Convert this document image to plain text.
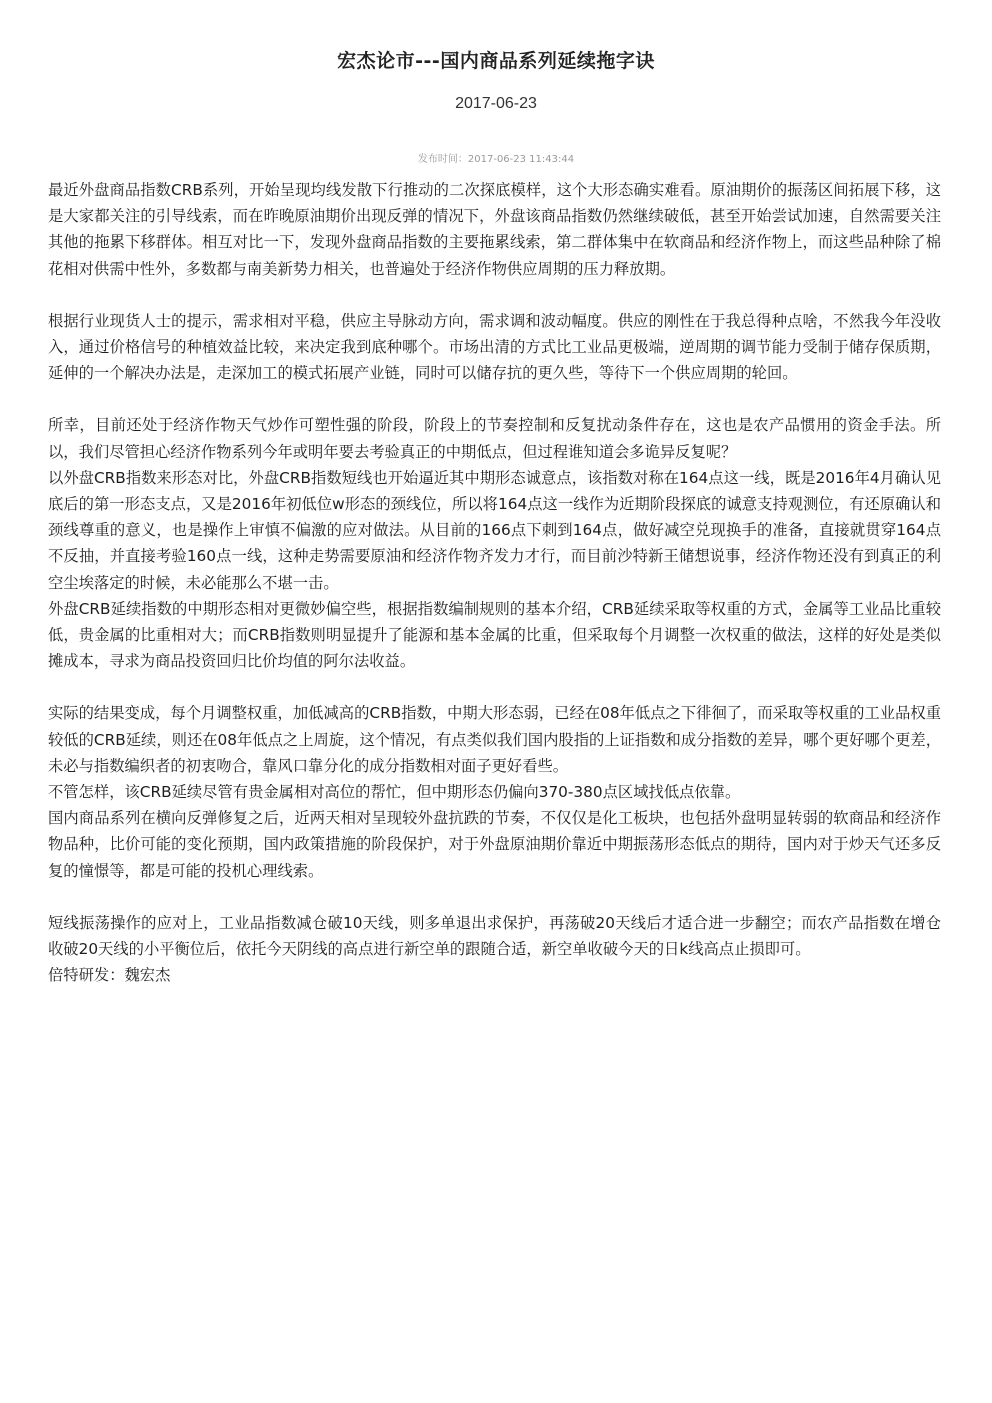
宏杰论市---国内商品系列延续拖字诀
2017-06-23
发布时间：2017-06-23 11:43:44

最近外盘商品指数CRB系列，开始呈现均线发散下行推动的二次探底模样，这个大形态确实难看。原油期价的振荡区间拓展下移，这是大家都关注的引导线索，而在昨晚原油期价出现反弹的情况下，外盘该商品指数仍然继续破低，甚至开始尝试加速，自然需要关注其他的拖累下移群体。相互对比一下，发现外盘商品指数的主要拖累线索，第二群体集中在软商品和经济作物上，而这些品种除了棉花相对供需中性外，多数都与南美新势力相关，也普遍处于经济作物供应周期的压力释放期。

根据行业现货人士的提示，需求相对平稳，供应主导脉动方向，需求调和波动幅度。供应的刚性在于我总得种点啥，不然我今年没收入，通过价格信号的种植效益比较，来决定我到底种哪个。市场出清的方式比工业品更极端，逆周期的调节能力受制于储存保质期，延伸的一个解决办法是，走深加工的模式拓展产业链，同时可以储存抗的更久些，等待下一个供应周期的轮回。

所幸，目前还处于经济作物天气炒作可塑性强的阶段，阶段上的节奏控制和反复扰动条件存在，这也是农产品惯用的资金手法。所以，我们尽管担心经济作物系列今年或明年要去考验真正的中期低点，但过程谁知道会多诡异反复呢？

以外盘CRB指数来形态对比，外盘CRB指数短线也开始逼近其中期形态诚意点，该指数对称在164点这一线，既是2016年4月确认见底后的第一形态支点，又是2016年初低位w形态的颈线位，所以将164点这一线作为近期阶段探底的诚意支持观测位，有还原确认和颈线尊重的意义，也是操作上审慎不偏激的应对做法。从目前的166点下刺到164点，做好减空兑现换手的准备，直接就贯穿164点不反抽，并直接考验160点一线，这种走势需要原油和经济作物齐发力才行，而目前沙特新王储想说事，经济作物还没有到真正的利空尘埃落定的时候，未必能那么不堪一击。

外盘CRB延续指数的中期形态相对更微妙偏空些，根据指数编制规则的基本介绍，CRB延续采取等权重的方式，金属等工业品比重较低，贵金属的比重相对大；而CRB指数则明显提升了能源和基本金属的比重，但采取每个月调整一次权重的做法，这样的好处是类似摊成本，寻求为商品投资回归比价均值的阿尔法收益。

实际的结果变成，每个月调整权重，加低减高的CRB指数，中期大形态弱，已经在08年低点之下徘徊了，而采取等权重的工业品权重较低的CRB延续，则还在08年低点之上周旋，这个情况，有点类似我们国内股指的上证指数和成分指数的差异，哪个更好哪个更差，未必与指数编织者的初衷吻合，靠风口靠分化的成分指数相对面子更好看些。

不管怎样，该CRB延续尽管有贵金属相对高位的帮忙，但中期形态仍偏向370-380点区域找低点依靠。

国内商品系列在横向反弹修复之后，近两天相对呈现较外盘抗跌的节奏，不仅仅是化工板块，也包括外盘明显转弱的软商品和经济作物品种，比价可能的变化预期，国内政策措施的阶段保护，对于外盘原油期价靠近中期振荡形态低点的期待，国内对于炒天气还多反复的憧憬等，都是可能的投机心理线索。

短线振荡操作的应对上，工业品指数减仓破10天线，则多单退出求保护，再荡破20天线后才适合进一步翻空；而农产品指数在增仓收破20天线的小平衡位后，依托今天阴线的高点进行新空单的跟随合适，新空单收破今天的日k线高点止损即可。

倍特研发：魏宏杰
